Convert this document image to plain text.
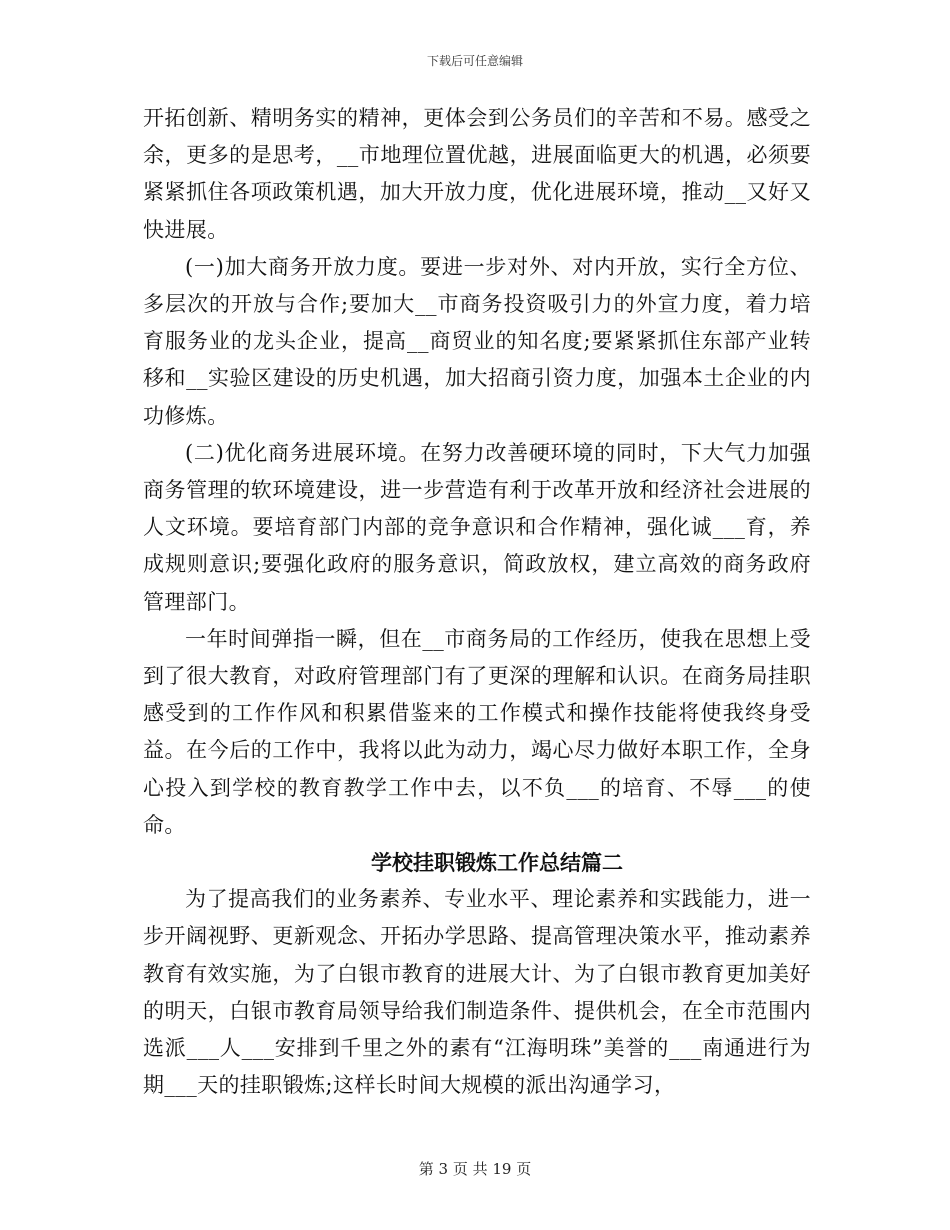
下载后可任意编辑

开拓创新、精明务实的精神，更体会到公务员们的辛苦和不易。感受之余，更多的是思考，__市地理位置优越，进展面临更大的机遇，必须要紧紧抓住各项政策机遇，加大开放力度，优化进展环境，推动__又好又快进展。

(一)加大商务开放力度。要进一步对外、对内开放，实行全方位、多层次的开放与合作;要加大__市商务投资吸引力的外宣力度，着力培育服务业的龙头企业，提高__商贸业的知名度;要紧紧抓住东部产业转移和__实验区建设的历史机遇，加大招商引资力度，加强本土企业的内功修炼。

(二)优化商务进展环境。在努力改善硬环境的同时，下大气力加强商务管理的软环境建设，进一步营造有利于改革开放和经济社会进展的人文环境。要培育部门内部的竞争意识和合作精神，强化诚___育，养成规则意识;要强化政府的服务意识，简政放权，建立高效的商务政府管理部门。

一年时间弹指一瞬，但在__市商务局的工作经历，使我在思想上受到了很大教育，对政府管理部门有了更深的理解和认识。在商务局挂职感受到的工作作风和积累借鉴来的工作模式和操作技能将使我终身受益。在今后的工作中，我将以此为动力，竭心尽力做好本职工作，全身心投入到学校的教育教学工作中去，以不负___的培育、不辱___的使命。

学校挂职锻炼工作总结篇二

为了提高我们的业务素养、专业水平、理论素养和实践能力，进一步开阔视野、更新观念、开拓办学思路、提高管理决策水平，推动素养教育有效实施，为了白银市教育的进展大计、为了白银市教育更加美好的明天，白银市教育局领导给我们制造条件、提供机会，在全市范围内选派___人___安排到千里之外的素有“江海明珠”美誉的___南通进行为期___天的挂职锻炼;这样长时间大规模的派出沟通学习，

第 3 页 共 19 页
